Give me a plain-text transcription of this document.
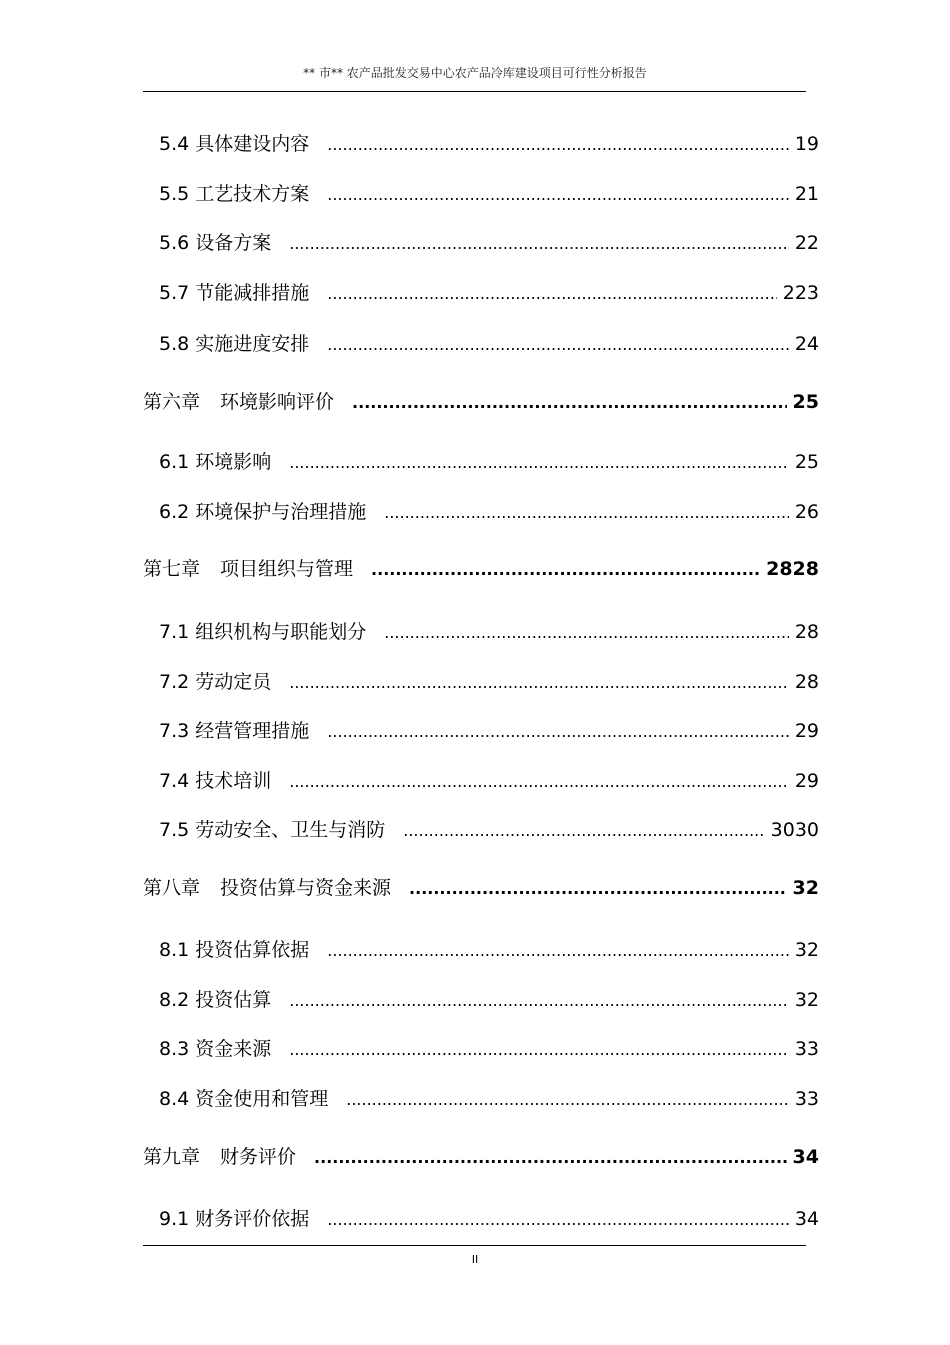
** 市** 农产品批发交易中心农产品冷库建设项目可行性分析报告
5.4 具体建设内容 .....	19
5.5 工艺技术方案 .....	21
5.6 设备方案 .....	22
5.7 节能减排措施 .....	223
5.8 实施进度安排 .....	24
第六章 环境影响评价 .....	25
6.1 环境影响 .....	25
6.2 环境保护与治理措施 .....	26
第七章 项目组织与管理 .....	2828
7.1 组织机构与职能划分 .....	28
7.2 劳动定员 .....	28
7.3 经营管理措施 .....	29
7.4 技术培训 .....	29
7.5 劳动安全、卫生与消防 .....	3030
第八章 投资估算与资金来源 .....	32
8.1 投资估算依据 .....	32
8.2 投资估算 .....	32
8.3 资金来源 .....	33
8.4 资金使用和管理 .....	33
第九章 财务评价 .....	34
9.1 财务评价依据 .....	34
II
